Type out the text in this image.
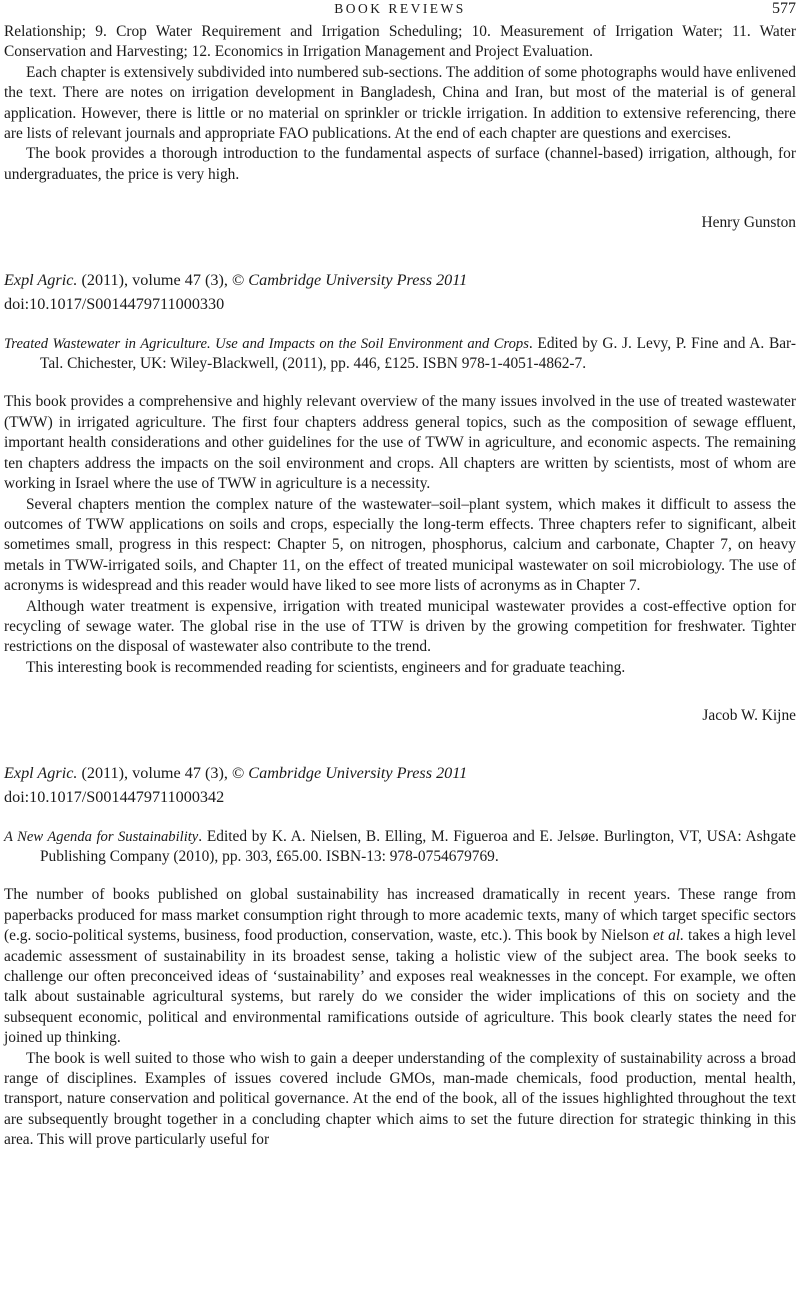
BOOK REVIEWS	577

Relationship; 9. Crop Water Requirement and Irrigation Scheduling; 10. Measurement of Irrigation Water; 11. Water Conservation and Harvesting; 12. Economics in Irrigation Management and Project Evaluation.

Each chapter is extensively subdivided into numbered sub-sections. The addition of some photographs would have enlivened the text. There are notes on irrigation development in Bangladesh, China and Iran, but most of the material is of general application. However, there is little or no material on sprinkler or trickle irrigation. In addition to extensive referencing, there are lists of relevant journals and appropriate FAO publications. At the end of each chapter are questions and exercises.

The book provides a thorough introduction to the fundamental aspects of surface (channel-based) irrigation, although, for undergraduates, the price is very high.

Henry Gunston

Expl Agric. (2011), volume 47 (3), © Cambridge University Press 2011
doi:10.1017/S0014479711000330

Treated Wastewater in Agriculture. Use and Impacts on the Soil Environment and Crops. Edited by G. J. Levy, P. Fine and A. Bar-Tal. Chichester, UK: Wiley-Blackwell, (2011), pp. 446, £125. ISBN 978-1-4051-4862-7.

This book provides a comprehensive and highly relevant overview of the many issues involved in the use of treated wastewater (TWW) in irrigated agriculture. The first four chapters address general topics, such as the composition of sewage effluent, important health considerations and other guidelines for the use of TWW in agriculture, and economic aspects. The remaining ten chapters address the impacts on the soil environment and crops. All chapters are written by scientists, most of whom are working in Israel where the use of TWW in agriculture is a necessity.

Several chapters mention the complex nature of the wastewater–soil–plant system, which makes it difficult to assess the outcomes of TWW applications on soils and crops, especially the long-term effects. Three chapters refer to significant, albeit sometimes small, progress in this respect: Chapter 5, on nitrogen, phosphorus, calcium and carbonate, Chapter 7, on heavy metals in TWW-irrigated soils, and Chapter 11, on the effect of treated municipal wastewater on soil microbiology. The use of acronyms is widespread and this reader would have liked to see more lists of acronyms as in Chapter 7.

Although water treatment is expensive, irrigation with treated municipal wastewater provides a cost-effective option for recycling of sewage water. The global rise in the use of TTW is driven by the growing competition for freshwater. Tighter restrictions on the disposal of wastewater also contribute to the trend.

This interesting book is recommended reading for scientists, engineers and for graduate teaching.

Jacob W. Kijne

Expl Agric. (2011), volume 47 (3), © Cambridge University Press 2011
doi:10.1017/S0014479711000342

A New Agenda for Sustainability. Edited by K. A. Nielsen, B. Elling, M. Figueroa and E. Jelsøe. Burlington, VT, USA: Ashgate Publishing Company (2010), pp. 303, £65.00. ISBN-13: 978-0754679769.

The number of books published on global sustainability has increased dramatically in recent years. These range from paperbacks produced for mass market consumption right through to more academic texts, many of which target specific sectors (e.g. socio-political systems, business, food production, conservation, waste, etc.). This book by Nielson et al. takes a high level academic assessment of sustainability in its broadest sense, taking a holistic view of the subject area. The book seeks to challenge our often preconceived ideas of ‘sustainability’ and exposes real weaknesses in the concept. For example, we often talk about sustainable agricultural systems, but rarely do we consider the wider implications of this on society and the subsequent economic, political and environmental ramifications outside of agriculture. This book clearly states the need for joined up thinking.

The book is well suited to those who wish to gain a deeper understanding of the complexity of sustainability across a broad range of disciplines. Examples of issues covered include GMOs, man-made chemicals, food production, mental health, transport, nature conservation and political governance. At the end of the book, all of the issues highlighted throughout the text are subsequently brought together in a concluding chapter which aims to set the future direction for strategic thinking in this area. This will prove particularly useful for
